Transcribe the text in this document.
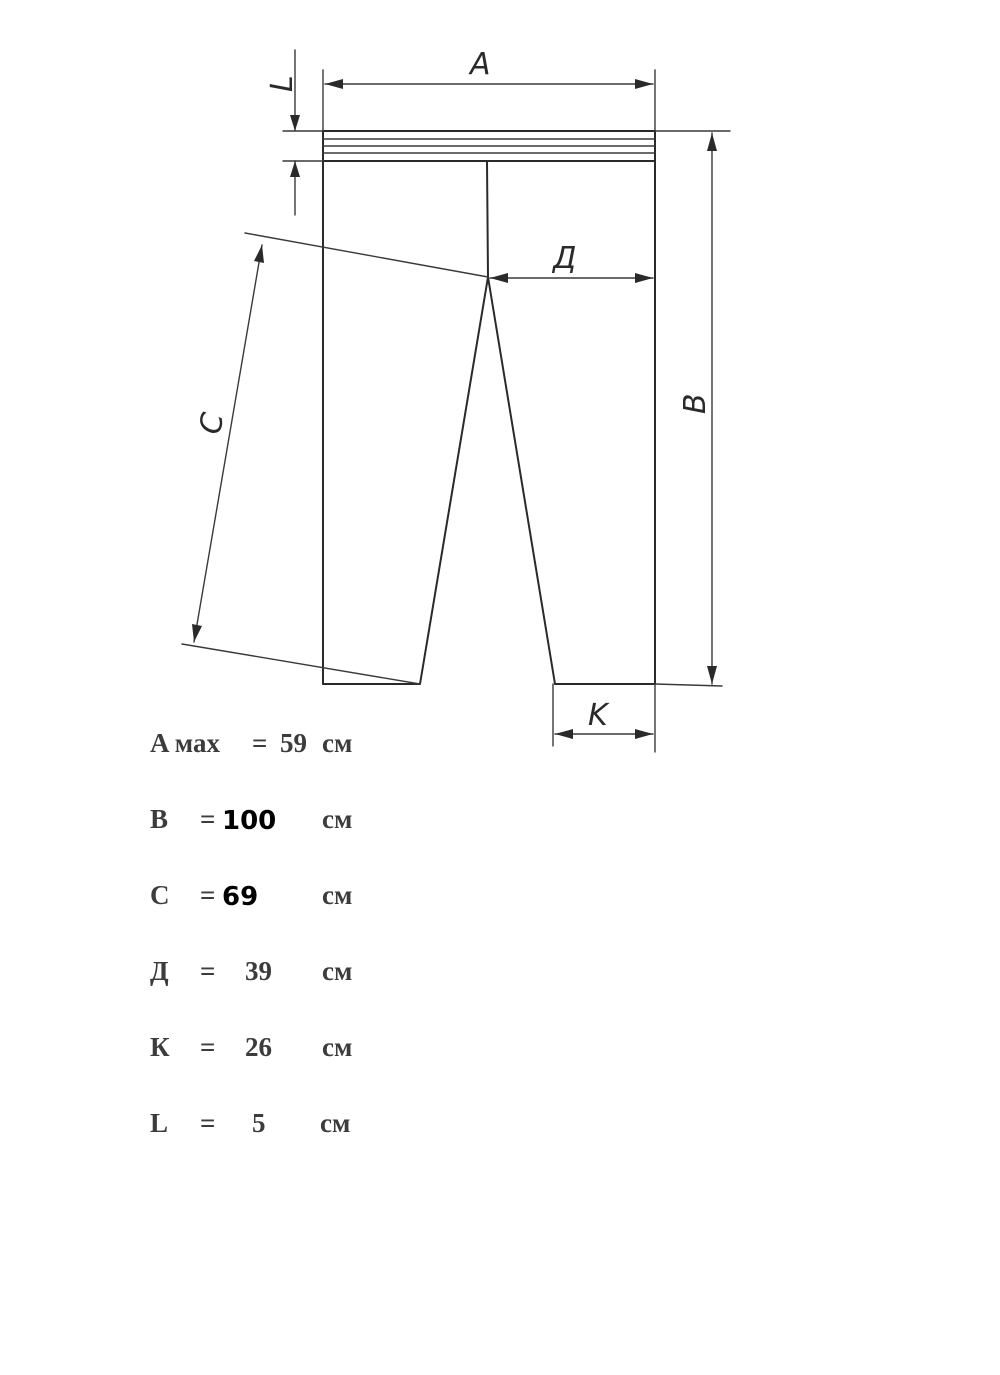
A
L
B
Д
C
K
A мах = 59 см
В = 100 см
С = 69 см
Д = 39 см
К = 26 см
L = 5 см
